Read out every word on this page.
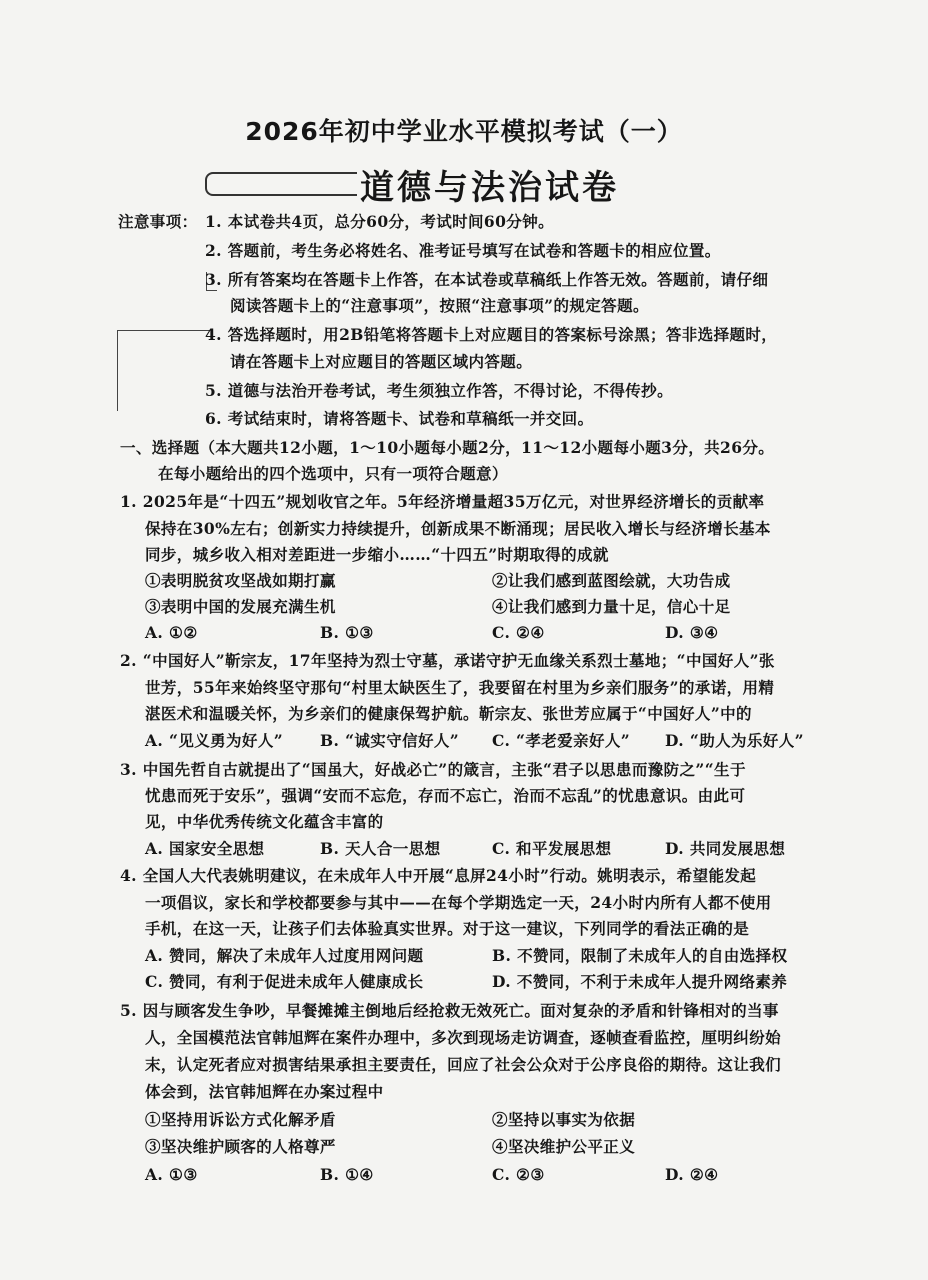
2026年初中学业水平模拟考试（一）
道德与法治试卷
注意事项： 1. 本试卷共4页，总分60分，考试时间60分钟。
2. 答题前，考生务必将姓名、准考证号填写在试卷和答题卡的相应位置。
3. 所有答案均在答题卡上作答，在本试卷或草稿纸上作答无效。答题前，请仔细
阅读答题卡上的“注意事项”，按照“注意事项”的规定答题。
4. 答选择题时，用2B铅笔将答题卡上对应题目的答案标号涂黑；答非选择题时，
请在答题卡上对应题目的答题区域内答题。
5. 道德与法治开卷考试，考生须独立作答，不得讨论，不得传抄。
6. 考试结束时，请将答题卡、试卷和草稿纸一并交回。
一、选择题（本大题共12小题，1～10小题每小题2分，11～12小题每小题3分，共26分。
在每小题给出的四个选项中，只有一项符合题意）
1. 2025年是“十四五”规划收官之年。5年经济增量超35万亿元，对世界经济增长的贡献率
保持在30%左右；创新实力持续提升，创新成果不断涌现；居民收入增长与经济增长基本
同步，城乡收入相对差距进一步缩小……“十四五”时期取得的成就
①表明脱贫攻坚战如期打赢	②让我们感到蓝图绘就，大功告成
③表明中国的发展充满生机	④让我们感到力量十足，信心十足
A. ①②	B. ①③	C. ②④	D. ③④
2. “中国好人”靳宗友，17年坚持为烈士守墓，承诺守护无血缘关系烈士墓地；“中国好人”张
世芳，55年来始终坚守那句“村里太缺医生了，我要留在村里为乡亲们服务”的承诺，用精
湛医术和温暖关怀，为乡亲们的健康保驾护航。靳宗友、张世芳应属于“中国好人”中的
A. “见义勇为好人” B. “诚实守信好人” C. “孝老爱亲好人” D. “助人为乐好人”
3. 中国先哲自古就提出了“国虽大，好战必亡”的箴言，主张“君子以思患而豫防之”“生于
忧患而死于安乐”，强调“安而不忘危，存而不忘亡，治而不忘乱”的忧患意识。由此可
见，中华优秀传统文化蕴含丰富的
A. 国家安全思想	B. 天人合一思想	C. 和平发展思想	D. 共同发展思想
4. 全国人大代表姚明建议，在未成年人中开展“息屏24小时”行动。姚明表示，希望能发起
一项倡议，家长和学校都要参与其中——在每个学期选定一天，24小时内所有人都不使用
手机，在这一天，让孩子们去体验真实世界。对于这一建议，下列同学的看法正确的是
A. 赞同，解决了未成年人过度用网问题	B. 不赞同，限制了未成年人的自由选择权
C. 赞同，有利于促进未成年人健康成长	D. 不赞同，不利于未成年人提升网络素养
5. 因与顾客发生争吵，早餐摊摊主倒地后经抢救无效死亡。面对复杂的矛盾和针锋相对的当事
人，全国模范法官韩旭辉在案件办理中，多次到现场走访调查，逐帧查看监控，厘明纠纷始
末，认定死者应对损害结果承担主要责任，回应了社会公众对于公序良俗的期待。这让我们
体会到，法官韩旭辉在办案过程中
①坚持用诉讼方式化解矛盾	②坚持以事实为依据
③坚决维护顾客的人格尊严	④坚决维护公平正义
A. ①③	B. ①④	C. ②③	D. ②④
